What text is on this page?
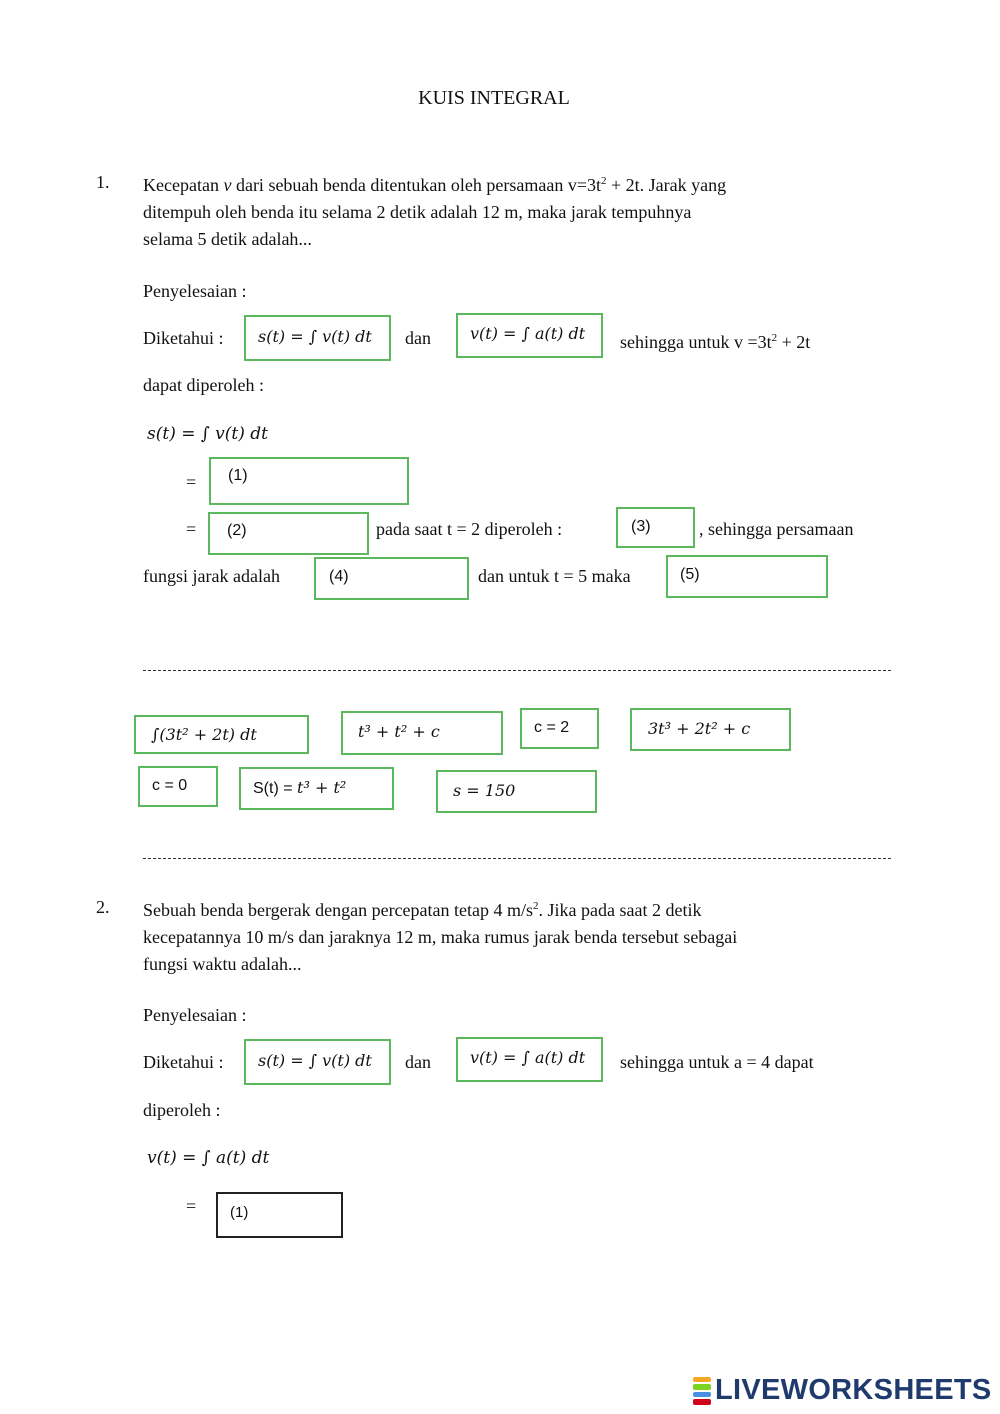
KUIS INTEGRAL
1. Kecepatan v dari sebuah benda ditentukan oleh persamaan $v=3t^2 + 2t$. Jarak yang
ditempuh oleh benda itu selama 2 detik adalah 12 m, maka jarak tempuhnya
selama 5 detik adalah...
Penyelesaian :
Diketahui : s(t) = ∫ v(t) dt dan v(t) = ∫ a(t) dt sehingga untuk $v =3t^2 + 2t$
dapat diperoleh :
s(t) = ∫ v(t) dt
= (1)
= (2)	pada saat t = 2 diperoleh :	(3)	, sehingga persamaan
fungsi jarak adalah	(4)	dan untuk t = 5 maka	(5)
∫(3t² + 2t) dt	t³ + t² + c	c = 2	3t³ + 2t² + c
c = 0	S(t) = t³ + t²	s = 150
2. Sebuah benda bergerak dengan percepatan tetap 4 $m/s^2$. Jika pada saat 2 detik
kecepatannya 10 m/s dan jaraknya 12 m, maka rumus jarak benda tersebut sebagai
fungsi waktu adalah...
Penyelesaian :
Diketahui : s(t) = ∫ v(t) dt dan v(t) = ∫ a(t) dt sehingga untuk a = 4 dapat
diperoleh :
v(t) = ∫ a(t) dt
= (1)
LIVEWORKSHEETS
